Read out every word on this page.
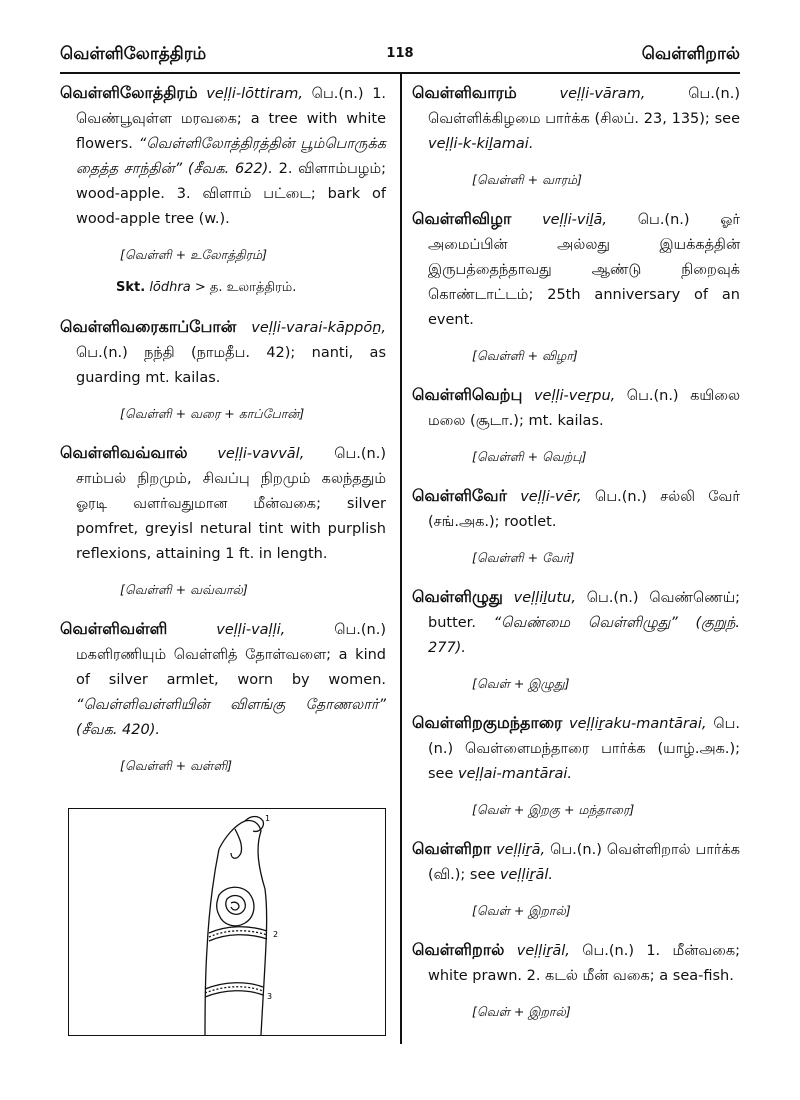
வெள்ளிலோத்திரம்	118	வெள்ளிறால்
வெள்ளிலோத்திரம் veḷḷi-lōttiram, பெ.(n.) 1. வெண்பூவுள்ள மரவகை; a tree with white flowers. “வெள்ளிலோத்திரத்தின் பூம்பொருக்க தைத்த சாந்தின்” (சீவக. 622). 2. விளாம்பழம்; wood-apple. 3. விளாம் பட்டை; bark of wood-apple tree (w.).
[வெள்ளி + உலோத்திரம்]
Skt. lōdhra > த. உலாத்திரம்.
வெள்ளிவரைகாப்போன் veḷḷi-varai-kāppōṉ, பெ.(n.) நந்தி (நாமதீப. 42); nanti, as guarding mt. kailas.
[வெள்ளி + வரை + காப்போன்]
வெள்ளிவவ்வால் veḷḷi-vavvāl, பெ.(n.) சாம்பல் நிறமும், சிவப்பு நிறமும் கலந்ததும் ஓரடி வளர்வதுமான மீன்வகை; silver pomfret, greyisl netural tint with purplish reflexions, attaining 1 ft. in length.
[வெள்ளி + வவ்வால்]
வெள்ளிவள்ளி	veḷḷi-vaḷḷi,	பெ.(n.) மகளிரணியும் வெள்ளித் தோள்வளை; a kind of silver armlet, worn by women. “வெள்ளிவள்ளியின் விளங்கு தோணலார்” (சீவக. 420).
[வெள்ளி + வள்ளி]
1
2
3
வெள்ளிவாரம்	veḷḷi-vāram,	பெ.(n.) வெள்ளிக்கிழமை பார்க்க (சிலப். 23, 135); see veḷḷi-k-kiḻamai.
[வெள்ளி + வாரம்]
வெள்ளிவிழா veḷḷi-viḻā, பெ.(n.) ஓர் அமைப்பின் அல்லது இயக்கத்தின் இருபத்தைந்தாவது ஆண்டு நிறைவுக் கொண்டாட்டம்; 25th anniversary of an event.
[வெள்ளி + விழா]
வெள்ளிவெற்பு veḷḷi-veṟpu, பெ.(n.) கயிலை மலை (சூடா.); mt. kailas.
[வெள்ளி + வெற்பு]
வெள்ளிவேர் veḷḷi-vēr, பெ.(n.) சல்லி வேர் (சங்.அக.); rootlet.
[வெள்ளி + வேர்]
வெள்ளிழுது veḷḷiḻutu, பெ.(n.) வெண்ணெய்; butter. “வெண்மை வெள்ளிழுது” (குறுந். 277).
[வெள் + இழுது]
வெள்ளிறகுமந்தாரை veḷḷiṟaku-mantārai, பெ.(n.) வெள்ளைமந்தாரை பார்க்க (யாழ்.அக.); see veḷḷai-mantārai.
[வெள் + இறகு + மந்தாரை]
வெள்ளிறா veḷḷiṟā, பெ.(n.) வெள்ளிறால் பார்க்க (வி.); see veḷḷiṟāl.
[வெள் + இறால்]
வெள்ளிறால் veḷḷiṟāl, பெ.(n.) 1. மீன்வகை; white prawn. 2. கடல் மீன் வகை; a sea-fish.
[வெள் + இறால்]
